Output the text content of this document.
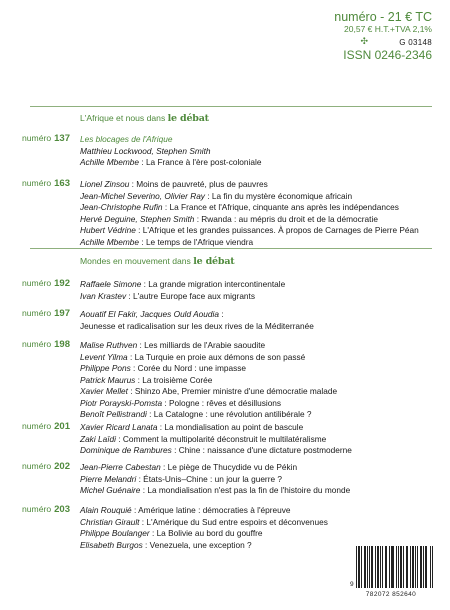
numéro - 21 € TC
20,57 € H.T.+TVA 2,1%
✣	G 03148
ISSN 0246-2346
L'Afrique et nous dans le débat
Mondes en mouvement dans le débat
numéro 137 Les blocages de l'Afrique
Matthieu Lockwood, Stephen Smith
Achille Mbembe : La France à l'ère post-coloniale
numéro 163 Lionel Zinsou : Moins de pauvreté, plus de pauvres
Jean-Michel Severino, Olivier Ray : La fin du mystère économique africain
Jean-Christophe Rufin : La France et l'Afrique, cinquante ans après les indépendances
Hervé Deguine, Stephen Smith : Rwanda : au mépris du droit et de la démocratie
Hubert Védrine : L'Afrique et les grandes puissances. À propos de Carnages de Pierre Péan
Achille Mbembe : Le temps de l'Afrique viendra
numéro 192 Raffaele Simone : La grande migration intercontinentale
Ivan Krastev : L'autre Europe face aux migrants
numéro 197 Aouatif El Fakir, Jacques Ould Aoudia :
Jeunesse et radicalisation sur les deux rives de la Méditerranée
numéro 198 Malise Ruthven : Les milliards de l'Arabie saoudite
Levent Yilma : La Turquie en proie aux démons de son passé
Philippe Pons : Corée du Nord : une impasse
Patrick Maurus : La troisième Corée
Xavier Mellet : Shinzo Abe, Premier ministre d'une démocratie malade
Piotr Porayski-Pomsta : Pologne : rêves et désillusions
Benoît Pellistrandi : La Catalogne : une révolution antilibérale ?
numéro 201 Xavier Ricard Lanata : La mondialisation au point de bascule
Zaki Laïdi : Comment la multipolarité déconstruit le multilatéralisme
Dominique de Rambures : Chine : naissance d'une dictature postmoderne
numéro 202 Jean-Pierre Cabestan : Le piège de Thucydide vu de Pékin
Pierre Melandri : États-Unis–Chine : un jour la guerre ?
Michel Guénaire : La mondialisation n'est pas la fin de l'histoire du monde
numéro 203 Alain Rouquié : Amérique latine : démocraties à l'épreuve
Christian Girault : L'Amérique du Sud entre espoirs et déconvenues
Philippe Boulanger : La Bolivie au bord du gouffre
Elisabeth Burgos : Venezuela, une exception ?
9
782072 852640
